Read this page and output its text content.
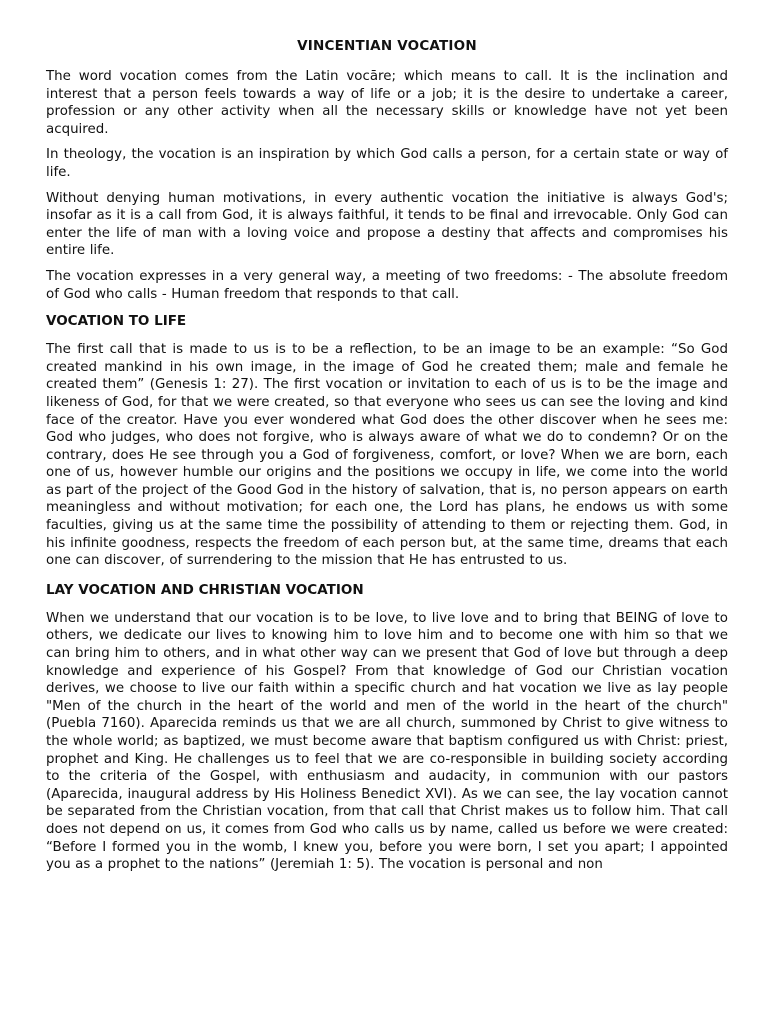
VINCENTIAN VOCATION

The word vocation comes from the Latin vocāre; which means to call. It is the inclination and interest that a person feels towards a way of life or a job; it is the desire to undertake a career, profession or any other activity when all the necessary skills or knowledge have not yet been acquired.

In theology, the vocation is an inspiration by which God calls a person, for a certain state or way of life.

Without denying human motivations, in every authentic vocation the initiative is always God's; insofar as it is a call from God, it is always faithful, it tends to be final and irrevocable. Only God can enter the life of man with a loving voice and propose a destiny that affects and compromises his entire life.

The vocation expresses in a very general way, a meeting of two freedoms: - The absolute freedom of God who calls - Human freedom that responds to that call.

VOCATION TO LIFE

The first call that is made to us is to be a reflection, to be an image to be an example: “So God created mankind in his own image, in the image of God he created them; male and female he created them” (Genesis 1: 27). The first vocation or invitation to each of us is to be the image and likeness of God, for that we were created, so that everyone who sees us can see the loving and kind face of the creator. Have you ever wondered what God does the other discover when he sees me: God who judges, who does not forgive, who is always aware of what we do to condemn? Or on the contrary, does He see through you a God of forgiveness, comfort, or love? When we are born, each one of us, however humble our origins and the positions we occupy in life, we come into the world as part of the project of the Good God in the history of salvation, that is, no person appears on earth meaningless and without motivation; for each one, the Lord has plans, he endows us with some faculties, giving us at the same time the possibility of attending to them or rejecting them. God, in his infinite goodness, respects the freedom of each person but, at the same time, dreams that each one can discover, of surrendering to the mission that He has entrusted to us.

LAY VOCATION AND CHRISTIAN VOCATION

When we understand that our vocation is to be love, to live love and to bring that BEING of love to others, we dedicate our lives to knowing him to love him and to become one with him so that we can bring him to others, and in what other way can we present that God of love but through a deep knowledge and experience of his Gospel? From that knowledge of God our Christian vocation derives, we choose to live our faith within a specific church and hat vocation we live as lay people "Men of the church in the heart of the world and men of the world in the heart of the church" (Puebla 7160). Aparecida reminds us that we are all church, summoned by Christ to give witness to the whole world; as baptized, we must become aware that baptism configured us with Christ: priest, prophet and King. He challenges us to feel that we are co-responsible in building society according to the criteria of the Gospel, with enthusiasm and audacity, in communion with our pastors (Aparecida, inaugural address by His Holiness Benedict XVI). As we can see, the lay vocation cannot be separated from the Christian vocation, from that call that Christ makes us to follow him. That call does not depend on us, it comes from God who calls us by name, called us before we were created: “Before I formed you in the womb, I knew you, before you were born, I set you apart; I appointed you as a prophet to the nations” (Jeremiah 1: 5). The vocation is personal and non
